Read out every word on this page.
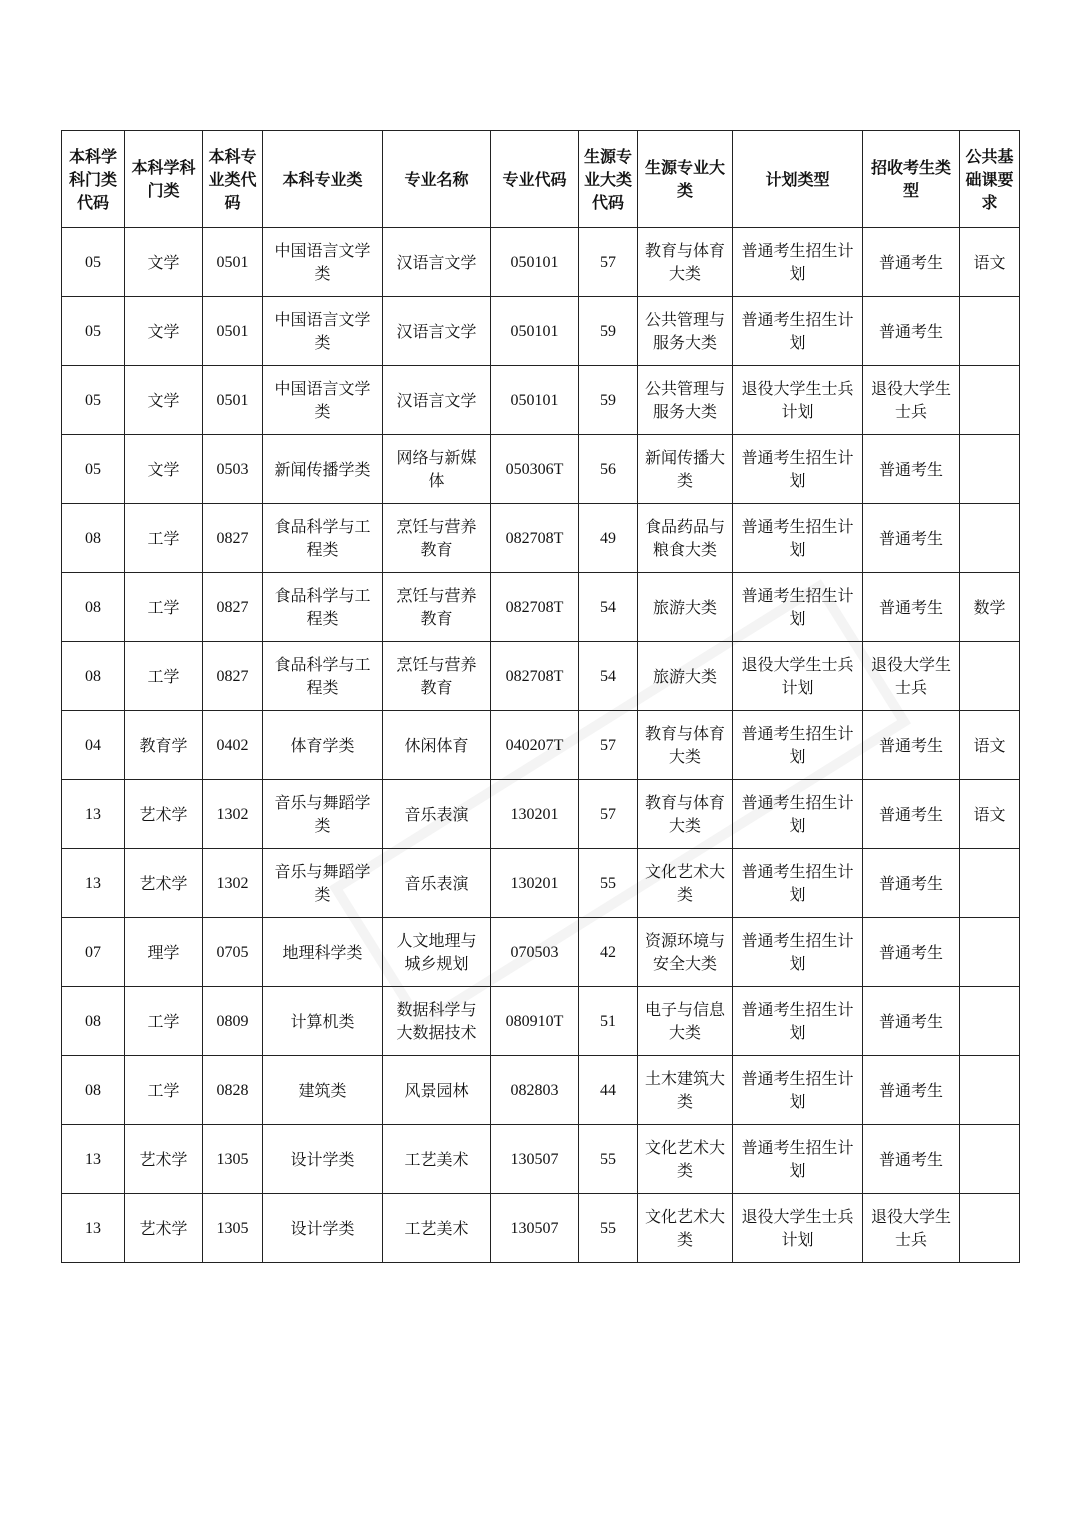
本科学科门类代码	本科学科门类	本科专业类代码	本科专业类	专业名称	专业代码	生源专业大类代码	生源专业大类	计划类型	招收考生类型	公共基础课要求
05	文学	0501	中国语言文学类	汉语言文学	050101	57	教育与体育大类	普通考生招生计划	普通考生	语文
05	文学	0501	中国语言文学类	汉语言文学	050101	59	公共管理与服务大类	普通考生招生计划	普通考生	
05	文学	0501	中国语言文学类	汉语言文学	050101	59	公共管理与服务大类	退役大学生士兵计划	退役大学生士兵	
05	文学	0503	新闻传播学类	网络与新媒体	050306T	56	新闻传播大类	普通考生招生计划	普通考生	
08	工学	0827	食品科学与工程类	烹饪与营养教育	082708T	49	食品药品与粮食大类	普通考生招生计划	普通考生	
08	工学	0827	食品科学与工程类	烹饪与营养教育	082708T	54	旅游大类	普通考生招生计划	普通考生	数学
08	工学	0827	食品科学与工程类	烹饪与营养教育	082708T	54	旅游大类	退役大学生士兵计划	退役大学生士兵	
04	教育学	0402	体育学类	休闲体育	040207T	57	教育与体育大类	普通考生招生计划	普通考生	语文
13	艺术学	1302	音乐与舞蹈学类	音乐表演	130201	57	教育与体育大类	普通考生招生计划	普通考生	语文
13	艺术学	1302	音乐与舞蹈学类	音乐表演	130201	55	文化艺术大类	普通考生招生计划	普通考生	
07	理学	0705	地理科学类	人文地理与城乡规划	070503	42	资源环境与安全大类	普通考生招生计划	普通考生	
08	工学	0809	计算机类	数据科学与大数据技术	080910T	51	电子与信息大类	普通考生招生计划	普通考生	
08	工学	0828	建筑类	风景园林	082803	44	土木建筑大类	普通考生招生计划	普通考生	
13	艺术学	1305	设计学类	工艺美术	130507	55	文化艺术大类	普通考生招生计划	普通考生	
13	艺术学	1305	设计学类	工艺美术	130507	55	文化艺术大类	退役大学生士兵计划	退役大学生士兵	
